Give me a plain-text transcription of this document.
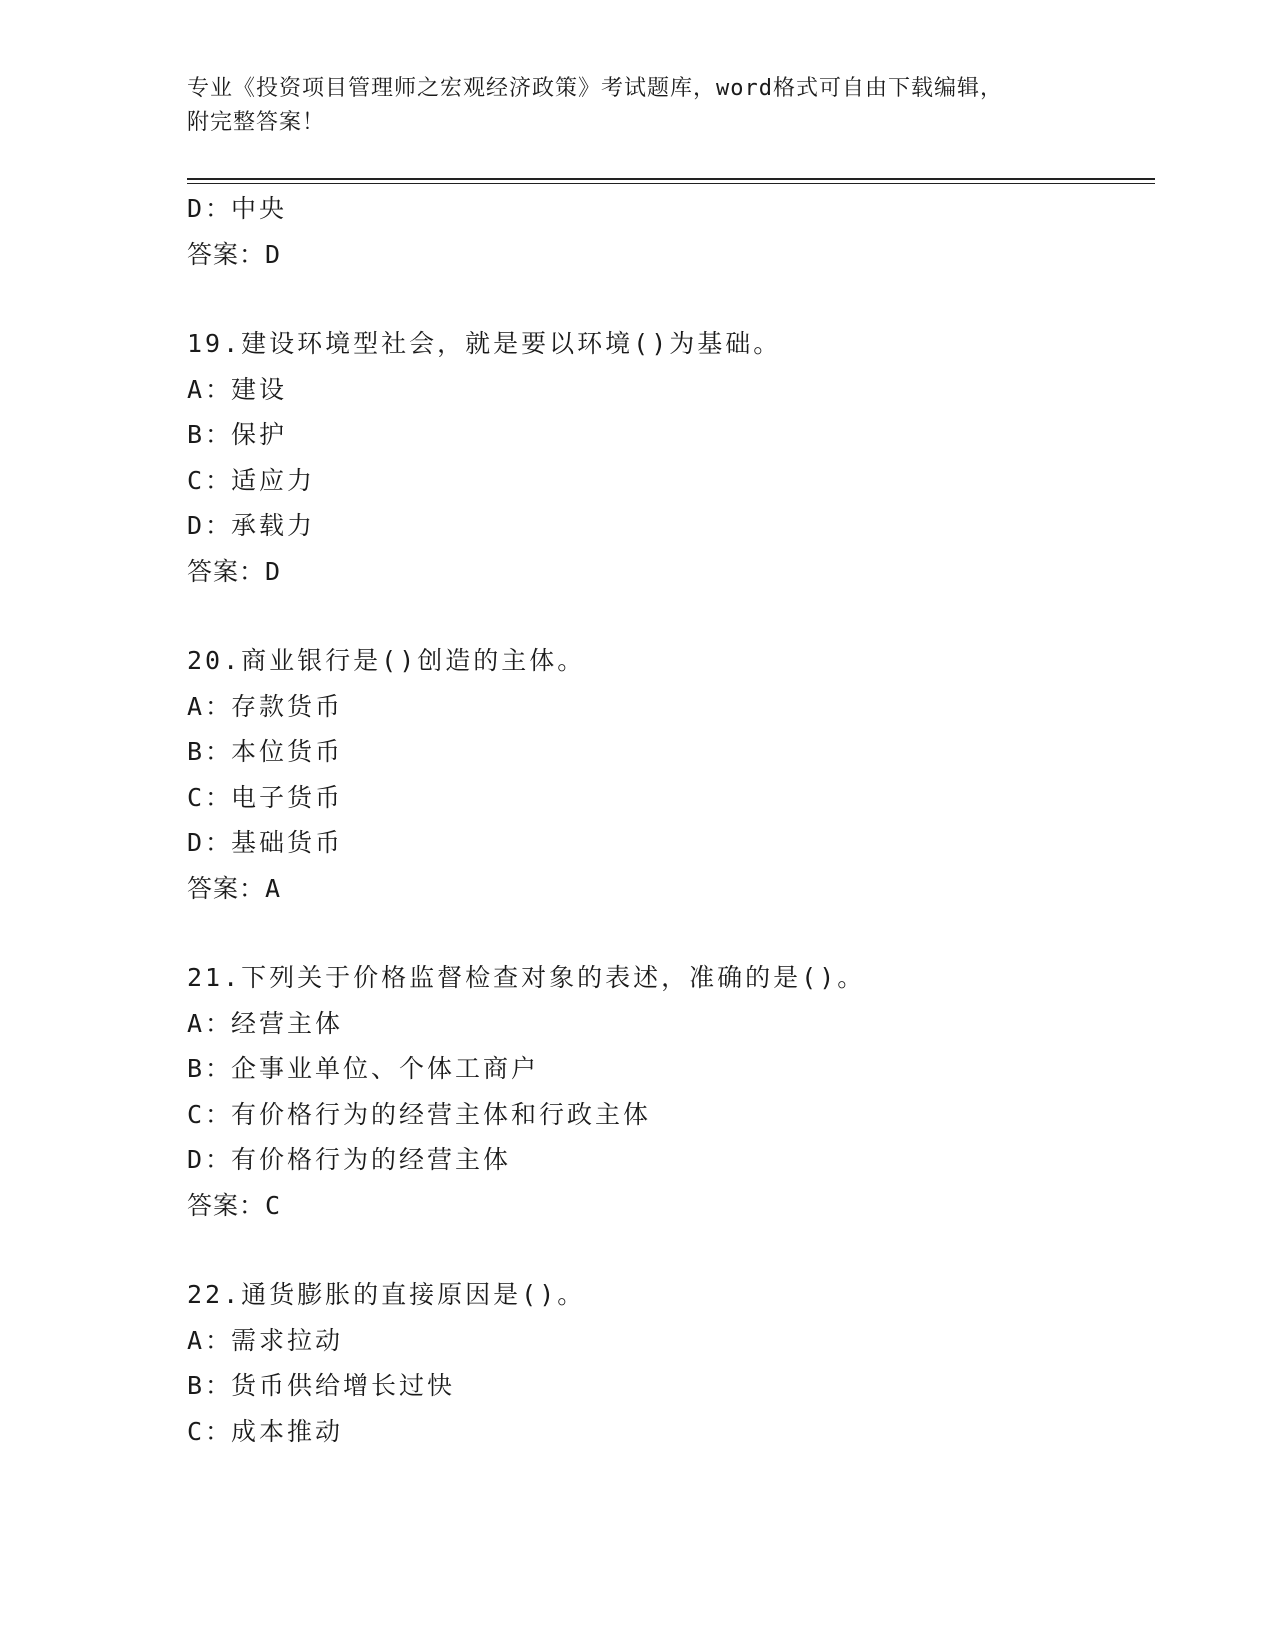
专业《投资项目管理师之宏观经济政策》考试题库，word格式可自由下载编辑，
附完整答案！
D：中央
答案：D
19.建设环境型社会，就是要以环境()为基础。
A：建设
B：保护
C：适应力
D：承载力
答案：D
20.商业银行是()创造的主体。
A：存款货币
B：本位货币
C：电子货币
D：基础货币
答案：A
21.下列关于价格监督检查对象的表述，准确的是()。
A：经营主体
B：企事业单位、个体工商户
C：有价格行为的经营主体和行政主体
D：有价格行为的经营主体
答案：C
22.通货膨胀的直接原因是()。
A：需求拉动
B：货币供给增长过快
C：成本推动
